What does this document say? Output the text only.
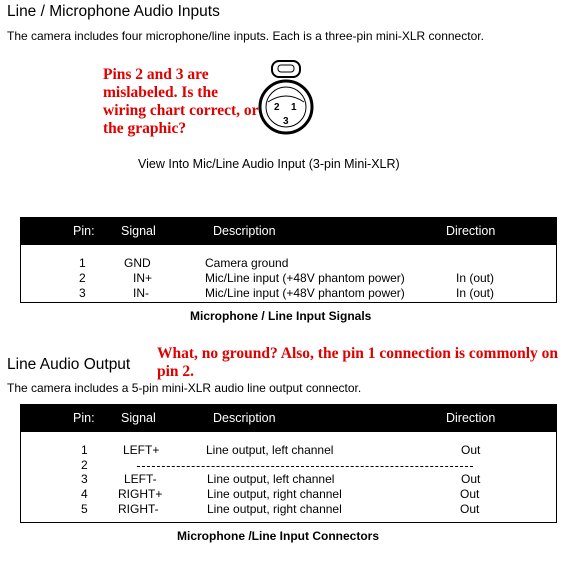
Line / Microphone Audio Inputs
The camera includes four microphone/line inputs. Each is a three-pin mini-XLR connector.
Pins 2 and 3 are mislabeled. Is the wiring chart correct, or the graphic?
2 1
3
View Into Mic/Line Audio Input (3-pin Mini-XLR)
Pin: Signal	Description	Direction
1	GND	Camera ground
2	IN+	Mic/Line input (+48V phantom power)	In (out)
3	IN-	Mic/Line input (+48V phantom power)	In (out)
Microphone / Line Input Signals
Line Audio Output
The camera includes a 5-pin mini-XLR audio line output connector.
What, no ground? Also, the pin 1 connection is commonly on pin 2.
Pin: Signal	Description	Direction
1	LEFT+	Line output, left channel	Out
2
3	LEFT-	Line output, left channel	Out
4	RIGHT+	Line output, right channel	Out
5	RIGHT-	Line output, right channel	Out
Microphone /Line Input Connectors
